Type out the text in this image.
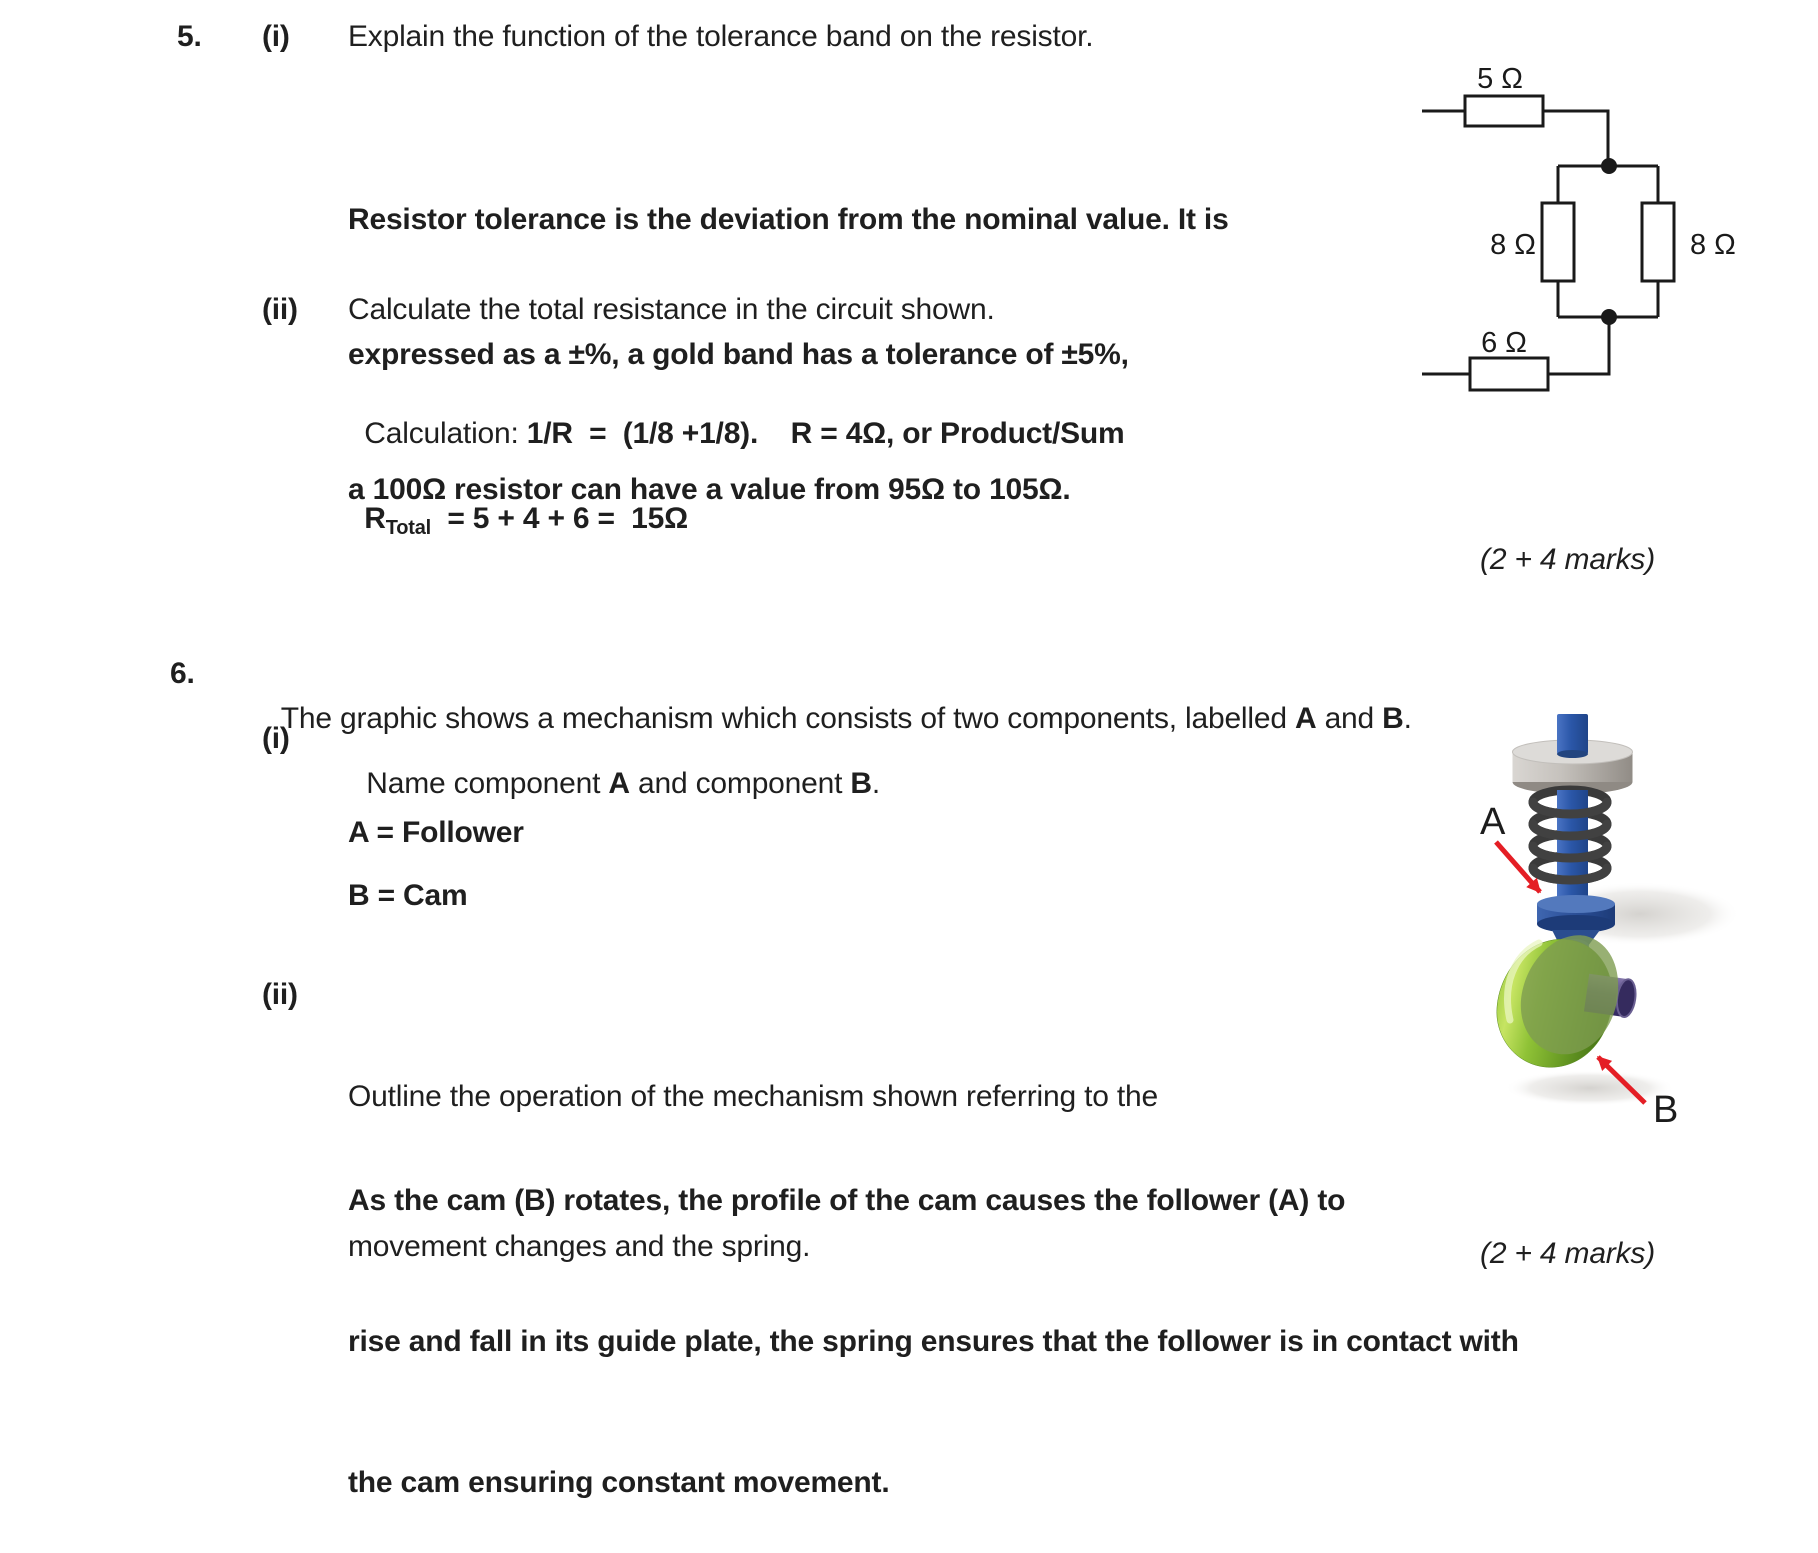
5. (i) Explain the function of the tolerance band on the resistor.

Resistor tolerance is the deviation from the nominal value. It is

expressed as a ±%, a gold band has a tolerance of ±5%,

a 100Ω resistor can have a value from 95Ω to 105Ω.

(ii) Calculate the total resistance in the circuit shown.

Calculation: 1/R  =  (1/8 +1/8).    R = 4Ω, or Product/Sum

$R_{Total} = 5 + 4 + 6 = 15\Omega$

(2 + 4 marks)
5 Ω
8 Ω	8 Ω
6 Ω
6.

The graphic shows a mechanism which consists of two components, labelled A and B.

(i)

Name component A and component B.

A = Follower
B = Cam
(ii)

Outline the operation of the mechanism shown referring to the

movement changes and the spring.

As the cam (B) rotates, the profile of the cam causes the follower (A) to

rise and fall in its guide plate, the spring ensures that the follower is in contact with

the cam ensuring constant movement.

(2 + 4 marks)
A
B
